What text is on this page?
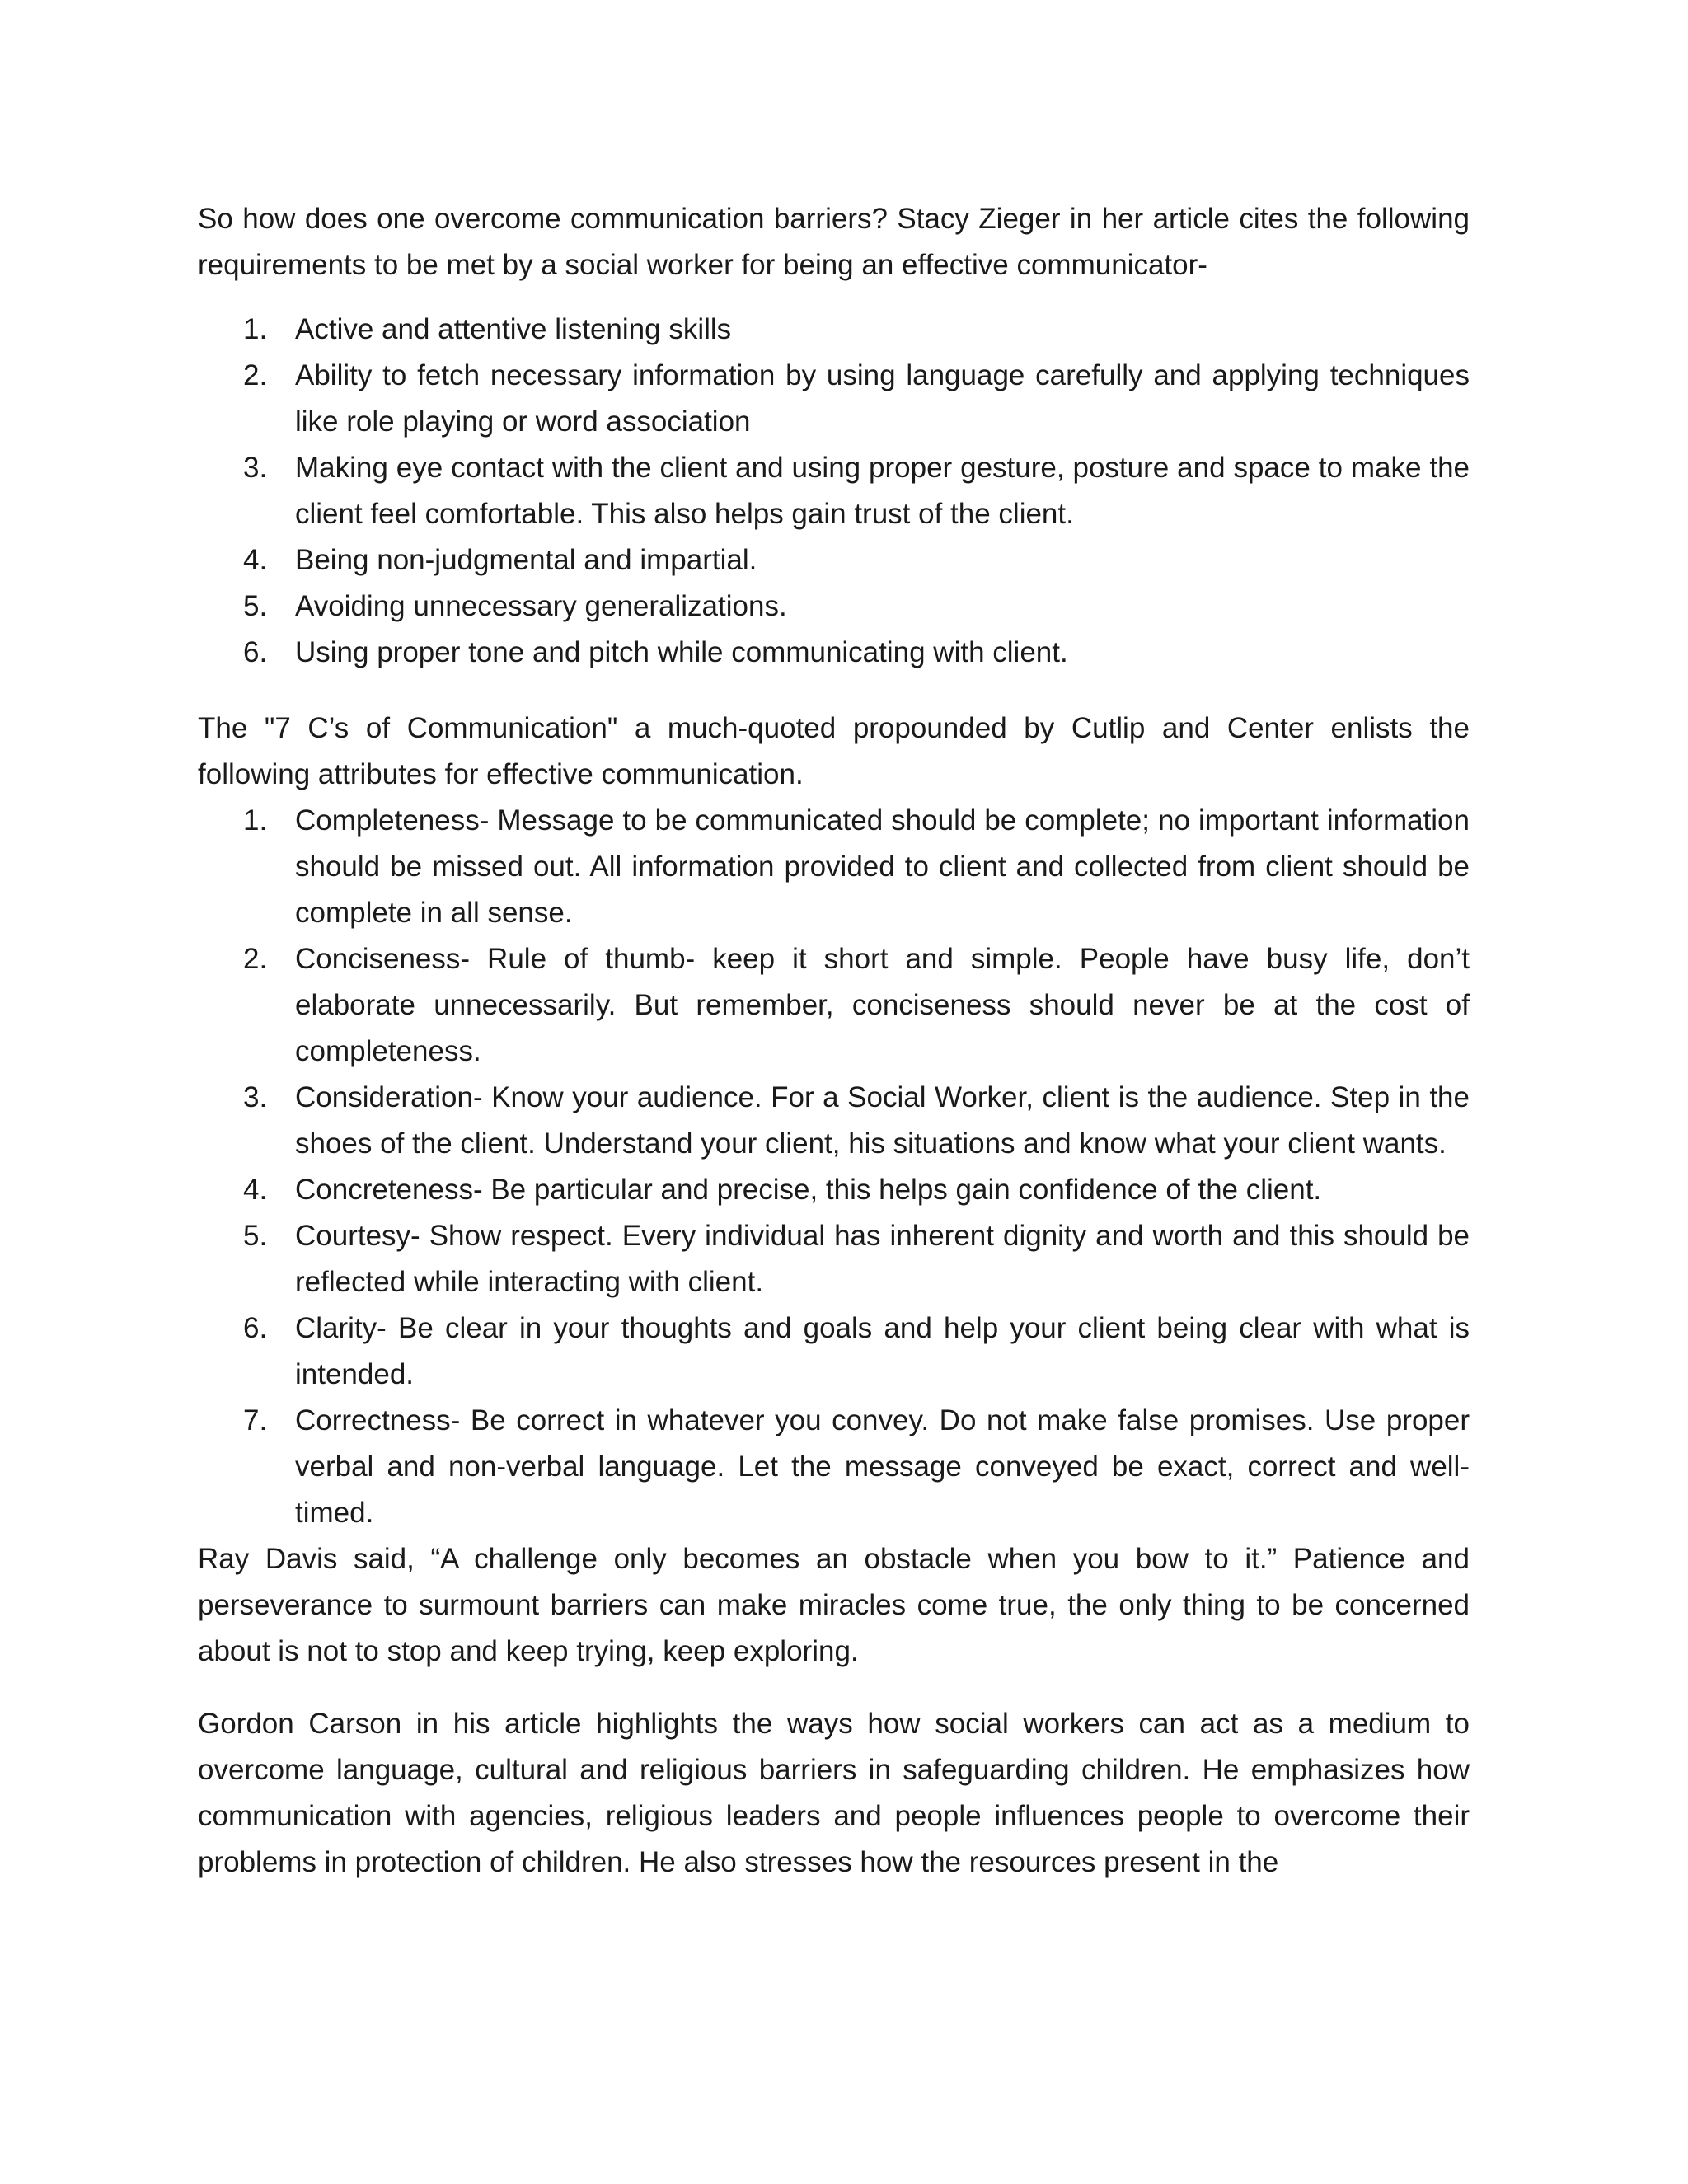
So how does one overcome communication barriers? Stacy Zieger in her article cites the following requirements to be met by a social worker for being an effective communicator-

1. Active and attentive listening skills
2. Ability to fetch necessary information by using language carefully and applying techniques like role playing or word association
3. Making eye contact with the client and using proper gesture, posture and space to make the client feel comfortable. This also helps gain trust of the client.
4. Being non-judgmental and impartial.
5. Avoiding unnecessary generalizations.
6. Using proper tone and pitch while communicating with client.

The "7 C’s of Communication" a much-quoted propounded by Cutlip and Center enlists the following attributes for effective communication.

1. Completeness- Message to be communicated should be complete; no important information should be missed out. All information provided to client and collected from client should be complete in all sense.
2. Conciseness- Rule of thumb- keep it short and simple. People have busy life, don’t elaborate unnecessarily. But remember, conciseness should never be at the cost of completeness.
3. Consideration- Know your audience. For a Social Worker, client is the audience. Step in the shoes of the client. Understand your client, his situations and know what your client wants.
4. Concreteness- Be particular and precise, this helps gain confidence of the client.
5. Courtesy- Show respect. Every individual has inherent dignity and worth and this should be reflected while interacting with client.
6. Clarity- Be clear in your thoughts and goals and help your client being clear with what is intended.
7. Correctness- Be correct in whatever you convey. Do not make false promises. Use proper verbal and non-verbal language. Let the message conveyed be exact, correct and well-timed.

Ray Davis said, “A challenge only becomes an obstacle when you bow to it.” Patience and perseverance to surmount barriers can make miracles come true, the only thing to be concerned about is not to stop and keep trying, keep exploring.

Gordon Carson in his article highlights the ways how social workers can act as a medium to overcome language, cultural and religious barriers in safeguarding children. He emphasizes how communication with agencies, religious leaders and people influences people to overcome their problems in protection of children. He also stresses how the resources present in the
